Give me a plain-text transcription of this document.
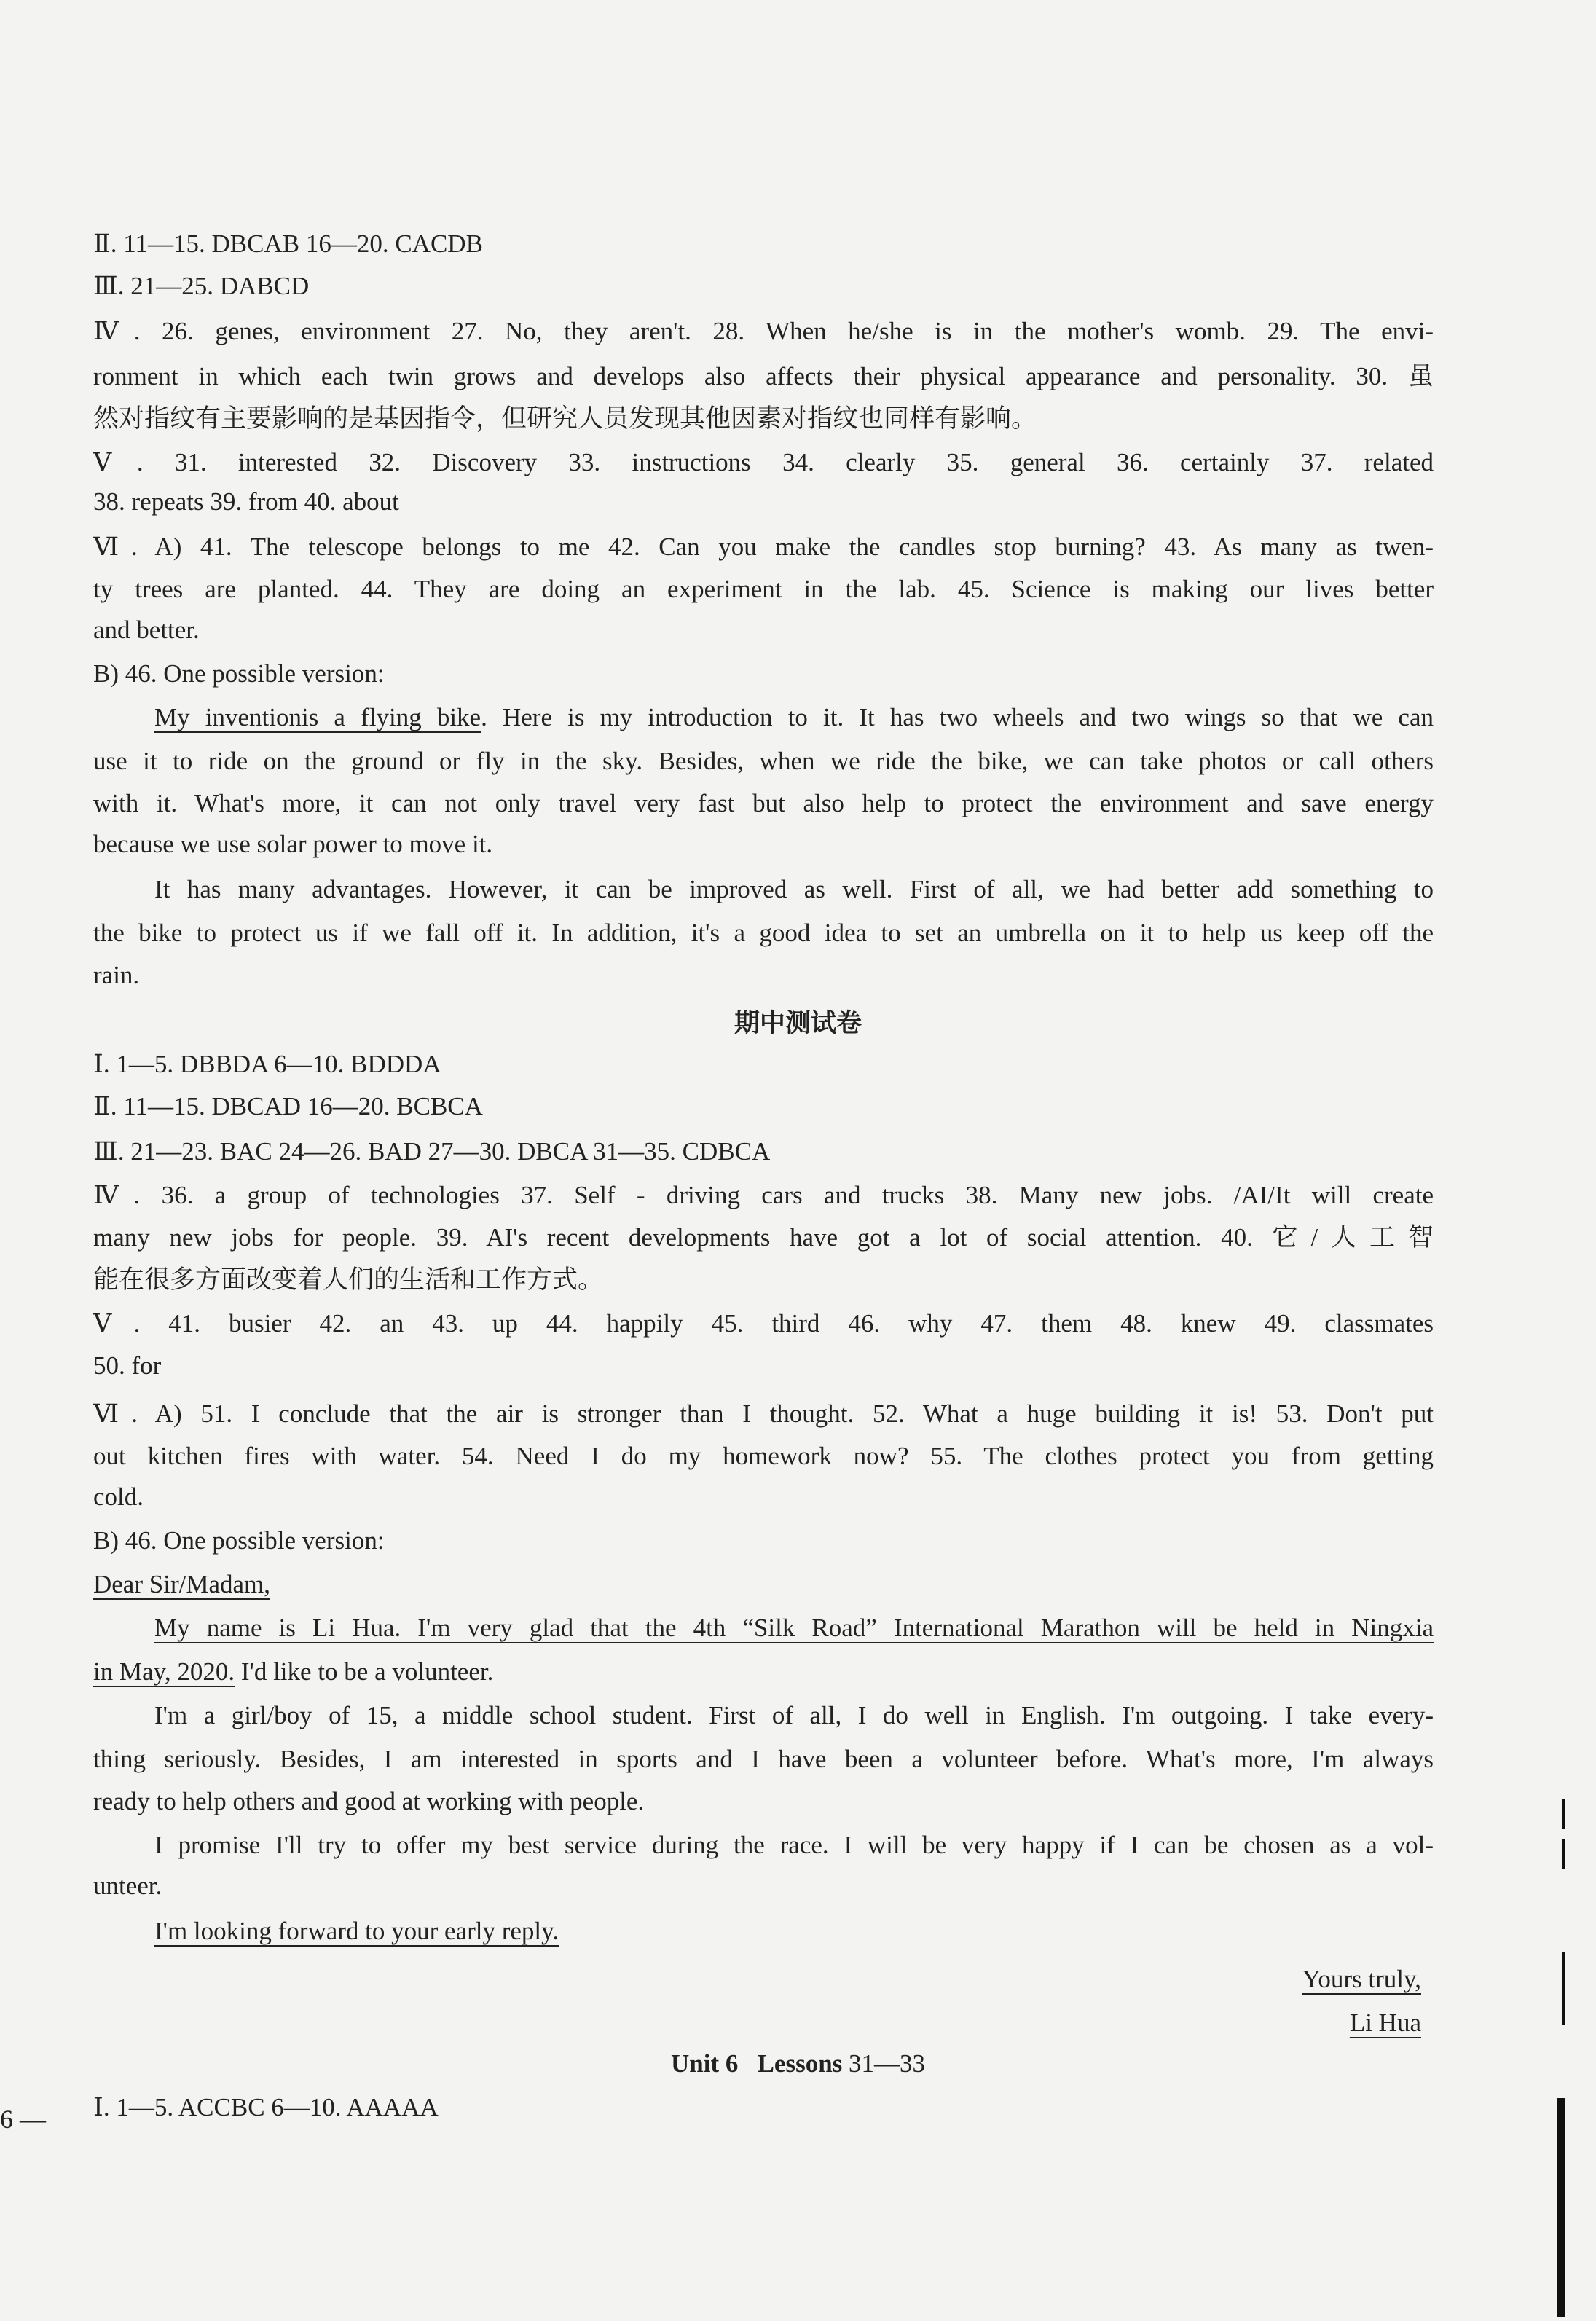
Ⅱ. 11—15. DBCAB 16—20. CACDB
Ⅲ. 21—25. DABCD
Ⅳ. 26. genes, environment 27. No, they aren't. 28. When he/she is in the mother's womb. 29. The envi-
ronment in which each twin grows and develops also affects their physical appearance and personality. 30. 虽
然对指纹有主要影响的是基因指令，但研究人员发现其他因素对指纹也同样有影响。
Ⅴ. 31. interested 32. Discovery 33. instructions 34. clearly 35. general 36. certainly 37. related
38. repeats 39. from 40. about
Ⅵ. A) 41. The telescope belongs to me 42. Can you make the candles stop burning? 43. As many as twen-
ty trees are planted. 44. They are doing an experiment in the lab. 45. Science is making our lives better
and better.
B) 46. One possible version:
My inventionis a flying bike. Here is my introduction to it. It has two wheels and two wings so that we can
use it to ride on the ground or fly in the sky. Besides, when we ride the bike, we can take photos or call others
with it. What's more, it can not only travel very fast but also help to protect the environment and save energy
because we use solar power to move it.
It has many advantages. However, it can be improved as well. First of all, we had better add something to
the bike to protect us if we fall off it. In addition, it's a good idea to set an umbrella on it to help us keep off the
rain.
期中测试卷
Ⅰ. 1—5. DBBDA 6—10. BDDDA
Ⅱ. 11—15. DBCAD 16—20. BCBCA
Ⅲ. 21—23. BAC 24—26. BAD 27—30. DBCA 31—35. CDBCA
Ⅳ. 36. a group of technologies 37. Self - driving cars and trucks 38. Many new jobs. /AI/It will create
many new jobs for people. 39. AI's recent developments have got a lot of social attention. 40. 它/人工智
能在很多方面改变着人们的生活和工作方式。
Ⅴ. 41. busier 42. an 43. up 44. happily 45. third 46. why 47. them 48. knew 49. classmates
50. for
Ⅵ. A) 51. I conclude that the air is stronger than I thought. 52. What a huge building it is! 53. Don't put
out kitchen fires with water. 54. Need I do my homework now? 55. The clothes protect you from getting
cold.
B) 46. One possible version:
Dear Sir/Madam,
My name is Li Hua. I'm very glad that the 4th “Silk Road” International Marathon will be held in Ningxia
in May, 2020. I'd like to be a volunteer.
I'm a girl/boy of 15, a middle school student. First of all, I do well in English. I'm outgoing. I take every-
thing seriously. Besides, I am interested in sports and I have been a volunteer before. What's more, I'm always
ready to help others and good at working with people.
I promise I'll try to offer my best service during the race. I will be very happy if I can be chosen as a vol-
unteer.
I'm looking forward to your early reply.
Yours truly,
Li Hua
Unit 6 Lessons 31—33
Ⅰ. 1—5. ACCBC 6—10. AAAAA
6 —
